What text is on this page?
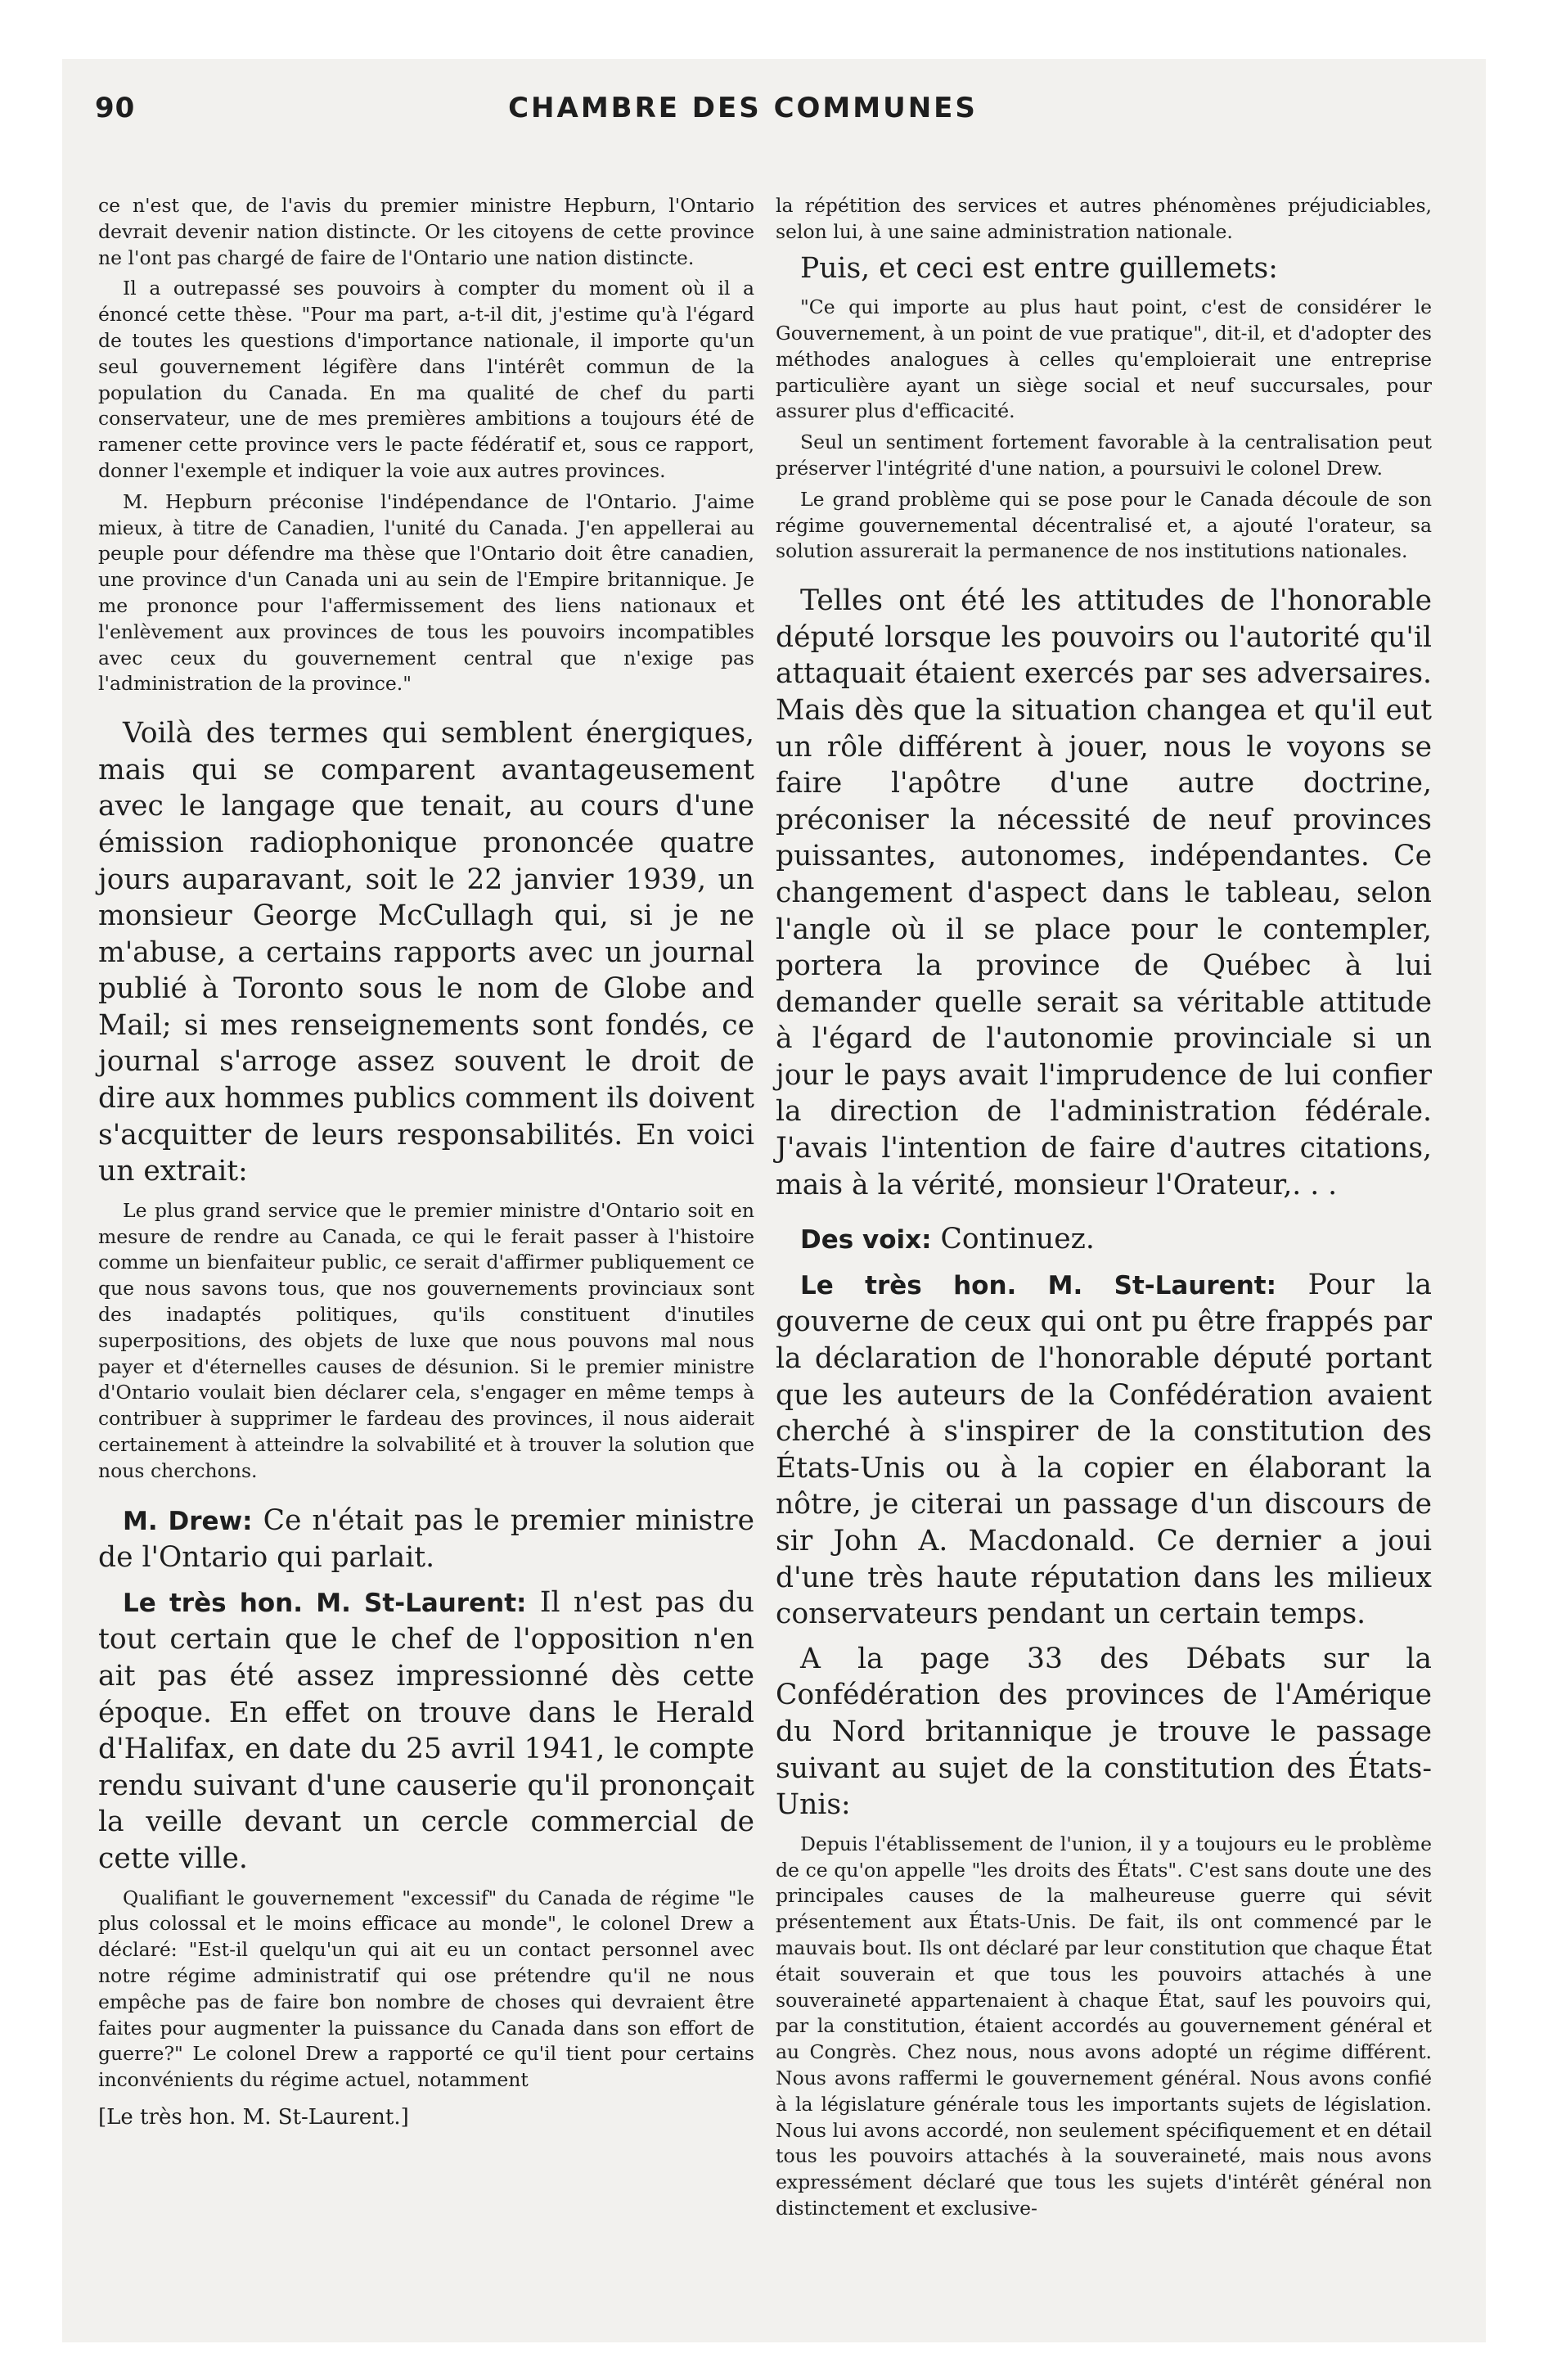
90	CHAMBRE DES COMMUNES

ce n'est que, de l'avis du premier ministre Hepburn, l'Ontario devrait devenir nation distincte. Or les citoyens de cette province ne l'ont pas chargé de faire de l'Ontario une nation distincte.

Il a outrepassé ses pouvoirs à compter du moment où il a énoncé cette thèse. "Pour ma part, a-t-il dit, j'estime qu'à l'égard de toutes les questions d'importance nationale, il importe qu'un seul gouvernement légifère dans l'intérêt commun de la population du Canada. En ma qualité de chef du parti conservateur, une de mes premières ambitions a toujours été de ramener cette province vers le pacte fédératif et, sous ce rapport, donner l'exemple et indiquer la voie aux autres provinces.

M. Hepburn préconise l'indépendance de l'Ontario. J'aime mieux, à titre de Canadien, l'unité du Canada. J'en appellerai au peuple pour défendre ma thèse que l'Ontario doit être canadien, une province d'un Canada uni au sein de l'Empire britannique. Je me prononce pour l'affermissement des liens nationaux et l'enlèvement aux provinces de tous les pouvoirs incompatibles avec ceux du gouvernement central que n'exige pas l'administration de la province."

Voilà des termes qui semblent énergiques, mais qui se comparent avantageusement avec le langage que tenait, au cours d'une émission radiophonique prononcée quatre jours auparavant, soit le 22 janvier 1939, un monsieur George McCullagh qui, si je ne m'abuse, a certains rapports avec un journal publié à Toronto sous le nom de Globe and Mail; si mes renseignements sont fondés, ce journal s'arroge assez souvent le droit de dire aux hommes publics comment ils doivent s'acquitter de leurs responsabilités. En voici un extrait:

Le plus grand service que le premier ministre d'Ontario soit en mesure de rendre au Canada, ce qui le ferait passer à l'histoire comme un bienfaiteur public, ce serait d'affirmer publiquement ce que nous savons tous, que nos gouvernements provinciaux sont des inadaptés politiques, qu'ils constituent d'inutiles superpositions, des objets de luxe que nous pouvons mal nous payer et d'éternelles causes de désunion. Si le premier ministre d'Ontario voulait bien déclarer cela, s'engager en même temps à contribuer à supprimer le fardeau des provinces, il nous aiderait certainement à atteindre la solvabilité et à trouver la solution que nous cherchons.

M. Drew: Ce n'était pas le premier ministre de l'Ontario qui parlait.

Le très hon. M. St-Laurent: Il n'est pas du tout certain que le chef de l'opposition n'en ait pas été assez impressionné dès cette époque. En effet on trouve dans le Herald d'Halifax, en date du 25 avril 1941, le compte rendu suivant d'une causerie qu'il prononçait la veille devant un cercle commercial de cette ville.

Qualifiant le gouvernement "excessif" du Canada de régime "le plus colossal et le moins efficace au monde", le colonel Drew a déclaré: "Est-il quelqu'un qui ait eu un contact personnel avec notre régime administratif qui ose prétendre qu'il ne nous empêche pas de faire bon nombre de choses qui devraient être faites pour augmenter la puissance du Canada dans son effort de guerre?" Le colonel Drew a rapporté ce qu'il tient pour certains inconvénients du régime actuel, notamment

[Le très hon. M. St-Laurent.]

la répétition des services et autres phénomènes préjudiciables, selon lui, à une saine administration nationale.

Puis, et ceci est entre guillemets:

"Ce qui importe au plus haut point, c'est de considérer le Gouvernement, à un point de vue pratique", dit-il, et d'adopter des méthodes analogues à celles qu'emploierait une entreprise particulière ayant un siège social et neuf succursales, pour assurer plus d'efficacité.

Seul un sentiment fortement favorable à la centralisation peut préserver l'intégrité d'une nation, a poursuivi le colonel Drew.

Le grand problème qui se pose pour le Canada découle de son régime gouvernemental décentralisé et, a ajouté l'orateur, sa solution assurerait la permanence de nos institutions nationales.

Telles ont été les attitudes de l'honorable député lorsque les pouvoirs ou l'autorité qu'il attaquait étaient exercés par ses adversaires. Mais dès que la situation changea et qu'il eut un rôle différent à jouer, nous le voyons se faire l'apôtre d'une autre doctrine, préconiser la nécessité de neuf provinces puissantes, autonomes, indépendantes. Ce changement d'aspect dans le tableau, selon l'angle où il se place pour le contempler, portera la province de Québec à lui demander quelle serait sa véritable attitude à l'égard de l'autonomie provinciale si un jour le pays avait l'imprudence de lui confier la direction de l'administration fédérale. J'avais l'intention de faire d'autres citations, mais à la vérité, monsieur l'Orateur,. . .

Des voix: Continuez.

Le très hon. M. St-Laurent: Pour la gouverne de ceux qui ont pu être frappés par la déclaration de l'honorable député portant que les auteurs de la Confédération avaient cherché à s'inspirer de la constitution des États-Unis ou à la copier en élaborant la nôtre, je citerai un passage d'un discours de sir John A. Macdonald. Ce dernier a joui d'une très haute réputation dans les milieux conservateurs pendant un certain temps.

A la page 33 des Débats sur la Confédération des provinces de l'Amérique du Nord britannique je trouve le passage suivant au sujet de la constitution des États-Unis:

Depuis l'établissement de l'union, il y a toujours eu le problème de ce qu'on appelle "les droits des États". C'est sans doute une des principales causes de la malheureuse guerre qui sévit présentement aux États-Unis. De fait, ils ont commencé par le mauvais bout. Ils ont déclaré par leur constitution que chaque État était souverain et que tous les pouvoirs attachés à une souveraineté appartenaient à chaque État, sauf les pouvoirs qui, par la constitution, étaient accordés au gouvernement général et au Congrès. Chez nous, nous avons adopté un régime différent. Nous avons raffermi le gouvernement général. Nous avons confié à la législature générale tous les importants sujets de législation. Nous lui avons accordé, non seulement spécifiquement et en détail tous les pouvoirs attachés à la souveraineté, mais nous avons expressément déclaré que tous les sujets d'intérêt général non distinctement et exclusive-
